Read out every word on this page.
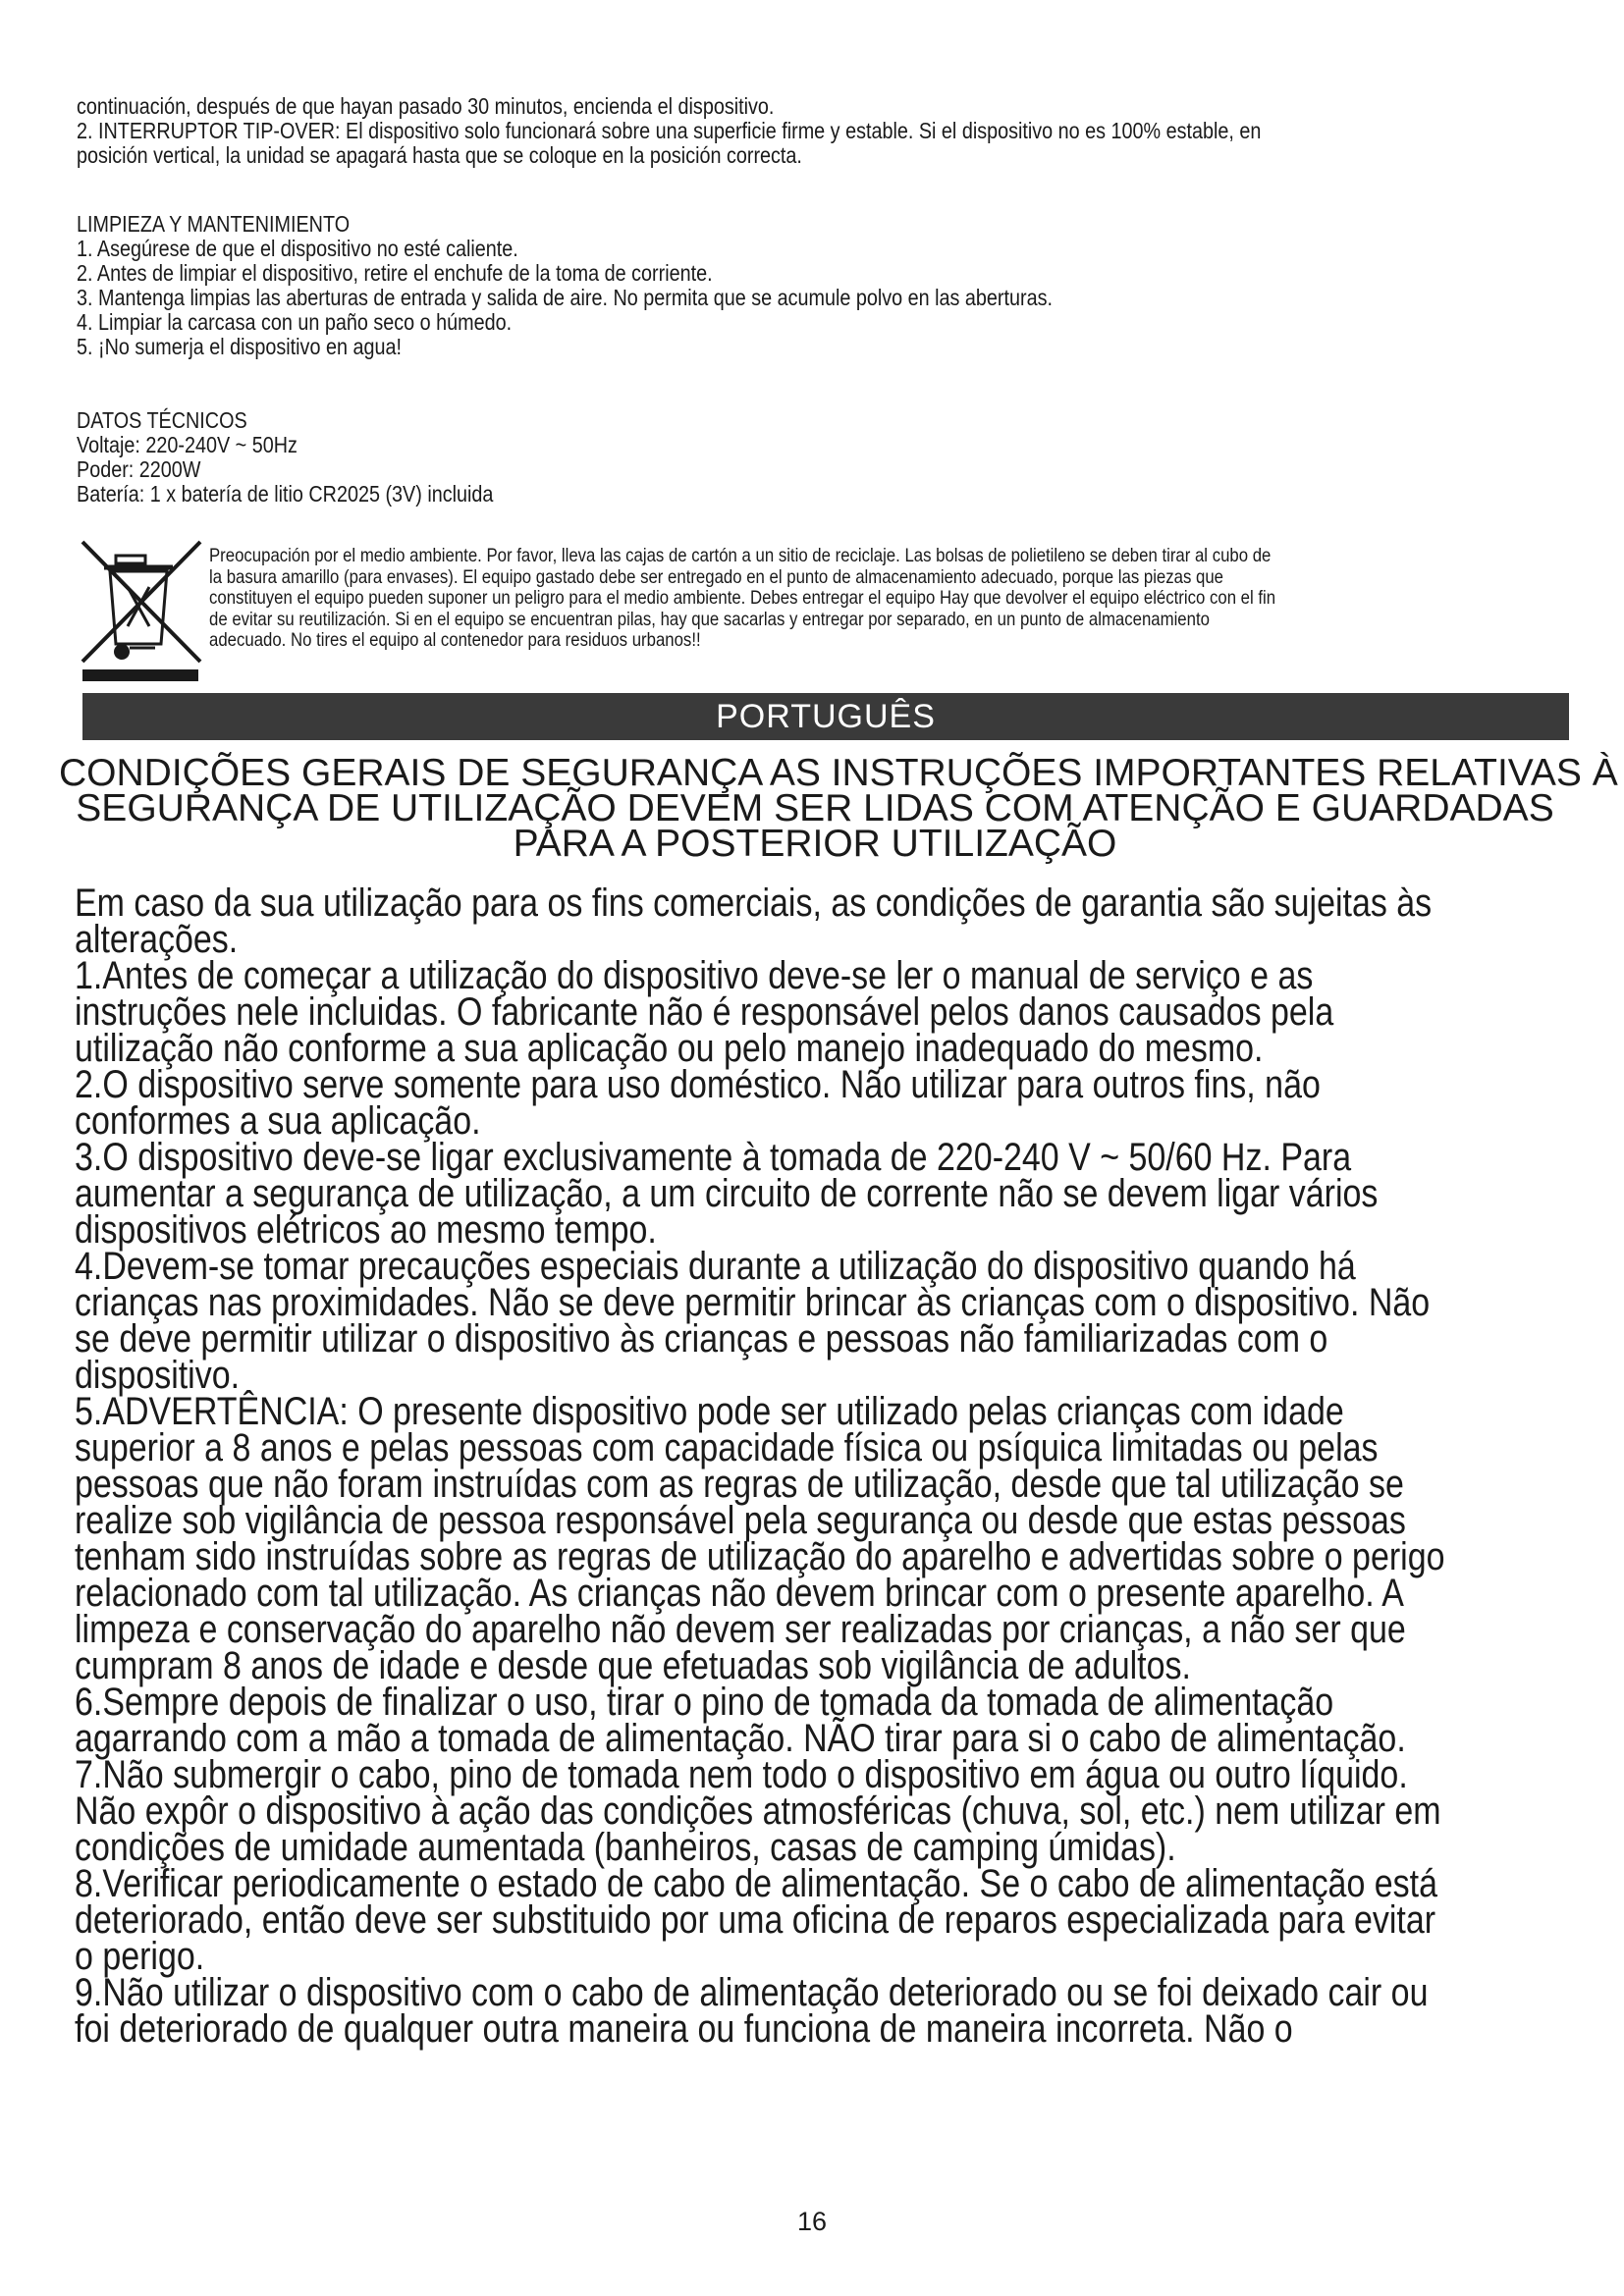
continuación, después de que hayan pasado 30 minutos, encienda el dispositivo.

2. INTERRUPTOR TIP-OVER: El dispositivo solo funcionará sobre una superficie firme y estable. Si el dispositivo no es 100% estable, en

posición vertical, la unidad se apagará hasta que se coloque en la posición correcta.

LIMPIEZA Y MANTENIMIENTO

1. Asegúrese de que el dispositivo no esté caliente.

2. Antes de limpiar el dispositivo, retire el enchufe de la toma de corriente.

3. Mantenga limpias las aberturas de entrada y salida de aire. No permita que se acumule polvo en las aberturas.

4. Limpiar la carcasa con un paño seco o húmedo.

5. ¡No sumerja el dispositivo en agua!

DATOS TÉCNICOS

Voltaje: 220-240V ~ 50Hz

Poder: 2200W

Batería: 1 x batería de litio CR2025 (3V) incluida

Preocupación por el medio ambiente. Por favor, lleva las cajas de cartón a un sitio de reciclaje. Las bolsas de polietileno se deben tirar al cubo de

la basura amarillo (para envases). El equipo gastado debe ser entregado en el punto de almacenamiento adecuado, porque las piezas que

constituyen el equipo pueden suponer un peligro para el medio ambiente. Debes entregar el equipo Hay que devolver el equipo eléctrico con el fin

de evitar su reutilización. Si en el equipo se encuentran pilas, hay que sacarlas y entregar por separado, en un punto de almacenamiento

adecuado. No tires el equipo al contenedor para residuos urbanos!!

PORTUGUÊS

CONDIÇÕES GERAIS DE SEGURANÇA AS INSTRUÇÕES IMPORTANTES RELATIVAS À

SEGURANÇA DE UTILIZAÇÃO DEVEM SER LIDAS COM ATENÇÃO E GUARDADAS

PARA A POSTERIOR UTILIZAÇÃO

Em caso da sua utilização para os fins comerciais, as condições de garantia são sujeitas às

alterações.

1.Antes de começar a utilização do dispositivo deve-se ler o manual de serviço e as

instruções nele incluidas. O fabricante não é responsável pelos danos causados pela

utilização não conforme a sua aplicação ou pelo manejo inadequado do mesmo.

2.O dispositivo serve somente para uso doméstico. Não utilizar para outros fins, não

conformes a sua aplicação.

3.O dispositivo deve-se ligar exclusivamente à tomada de 220-240 V ~ 50/60 Hz. Para

aumentar a segurança de utilização, a um circuito de corrente não se devem ligar vários

dispositivos elétricos ao mesmo tempo.

4.Devem-se tomar precauções especiais durante a utilização do dispositivo quando há

crianças nas proximidades. Não se deve permitir brincar às crianças com o dispositivo. Não

se deve permitir utilizar o dispositivo às crianças e pessoas não familiarizadas com o

dispositivo.

5.ADVERTÊNCIA: O presente dispositivo pode ser utilizado pelas crianças com idade

superior a 8 anos e pelas pessoas com capacidade física ou psíquica limitadas ou pelas

pessoas que não foram instruídas com as regras de utilização, desde que tal utilização se

realize sob vigilância de pessoa responsável pela segurança ou desde que estas pessoas

tenham sido instruídas sobre as regras de utilização do aparelho e advertidas sobre o perigo

relacionado com tal utilização. As crianças não devem brincar com o presente aparelho. A

limpeza e conservação do aparelho não devem ser realizadas por crianças, a não ser que

cumpram 8 anos de idade e desde que efetuadas sob vigilância de adultos.

6.Sempre depois de finalizar o uso, tirar o pino de tomada da tomada de alimentação

agarrando com a mão a tomada de alimentação. NÃO tirar para si o cabo de alimentação.

7.Não submergir o cabo, pino de tomada nem todo o dispositivo em água ou outro líquido.

Não expôr o dispositivo à ação das condições atmosféricas (chuva, sol, etc.) nem utilizar em

condições de umidade aumentada (banheiros, casas de camping úmidas).

8.Verificar periodicamente o estado de cabo de alimentação. Se o cabo de alimentação está

deteriorado, então deve ser substituido por uma oficina de reparos especializada para evitar

o perigo.

9.Não utilizar o dispositivo com o cabo de alimentação deteriorado ou se foi deixado cair ou

foi deteriorado de qualquer outra maneira ou funciona de maneira incorreta. Não o

16
